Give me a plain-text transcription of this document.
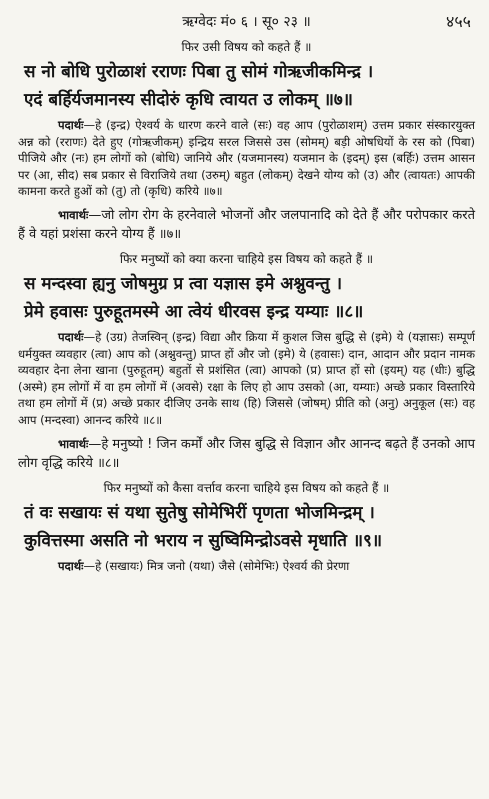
ऋग्वेदः मं० ६ । सू० २३ ॥	४५५
फिर उसी विषय को कहते हैं ॥
स नो बोधि पुरोळाशं रराणः पिबा तु सोमं गोऋजीकमिन्द्र ।
एदं बर्हिर्यजमानस्य सीदोरुं कृधि त्वायत उ लोकम् ॥७॥

पदार्थः—हे (इन्द्र) ऐश्वर्य के धारण करने वाले (सः) वह आप (पुरोळाशम्) उत्तम प्रकार संस्कारयुक्त अन्न को (रराणः) देते हुए (गोऋजीकम्) इन्द्रिय सरल जिससे उस (सोमम्) बड़ी ओषधियों के रस को (पिबा) पीजिये और (नः) हम लोगों को (बोधि) जानिये और (यजमानस्य) यजमान के (इदम्) इस (बर्हिः) उत्तम आसन पर (आ, सीद) सब प्रकार से विराजिये तथा (उरुम्) बहुत (लोकम्) देखने योग्य को (उ) और (त्वायतः) आपकी कामना करते हुओं को (तु) तो (कृधि) करिये ॥७॥

भावार्थः—जो लोग रोग के हरनेवाले भोजनों और जलपानादि को देते हैं और परोपकार करते हैं वे यहां प्रशंसा करने योग्य हैं ॥७॥

फिर मनुष्यों को क्या करना चाहिये इस विषय को कहते हैं ॥
स मन्दस्वा ह्यनु जोषमुग्र प्र त्वा यज्ञास इमे अश्नुवन्तु ।
प्रेमे हवासः पुरुहूतमस्मे आ त्वेयं धीरवस इन्द्र यम्याः ॥८॥

पदार्थः—हे (उग्र) तेजस्विन् (इन्द्र) विद्या और क्रिया में कुशल जिस बुद्धि से (इमे) ये (यज्ञासः) सम्पूर्ण धर्मयुक्त व्यवहार (त्वा) आप को (अश्नुवन्तु) प्राप्त हों और जो (इमे) ये (हवासः) दान, आदान और प्रदान नामक व्यवहार देना लेना खाना (पुरुहूतम्) बहुतों से प्रशंसित (त्वा) आपको (प्र) प्राप्त हों सो (इयम्) यह (धीः) बुद्धि (अस्मे) हम लोगों में वा हम लोगों में (अवसे) रक्षा के लिए हो आप उसको (आ, यम्याः) अच्छे प्रकार विस्तारिये तथा हम लोगों में (प्र) अच्छे प्रकार दीजिए उनके साथ (हि) जिससे (जोषम्) प्रीति को (अनु) अनुकूल (सः) वह आप (मन्दस्वा) आनन्द करिये ॥८॥

भावार्थः—हे मनुष्यो ! जिन कर्मों और जिस बुद्धि से विज्ञान और आनन्द बढ़ते हैं उनको आप लोग वृद्धि करिये ॥८॥

फिर मनुष्यों को कैसा वर्त्ताव करना चाहिये इस विषय को कहते हैं ॥
तं वः सखायः सं यथा सुतेषु सोमेभिरीं पृणता भोजमिन्द्रम् ।
कुवित्तस्मा असति नो भराय न सुष्विमिन्द्रोऽवसे मृधाति ॥९॥

पदार्थः—हे (सखायः) मित्र जनो (यथा) जैसे (सोमेभिः) ऐश्वर्य की प्रेरणा
